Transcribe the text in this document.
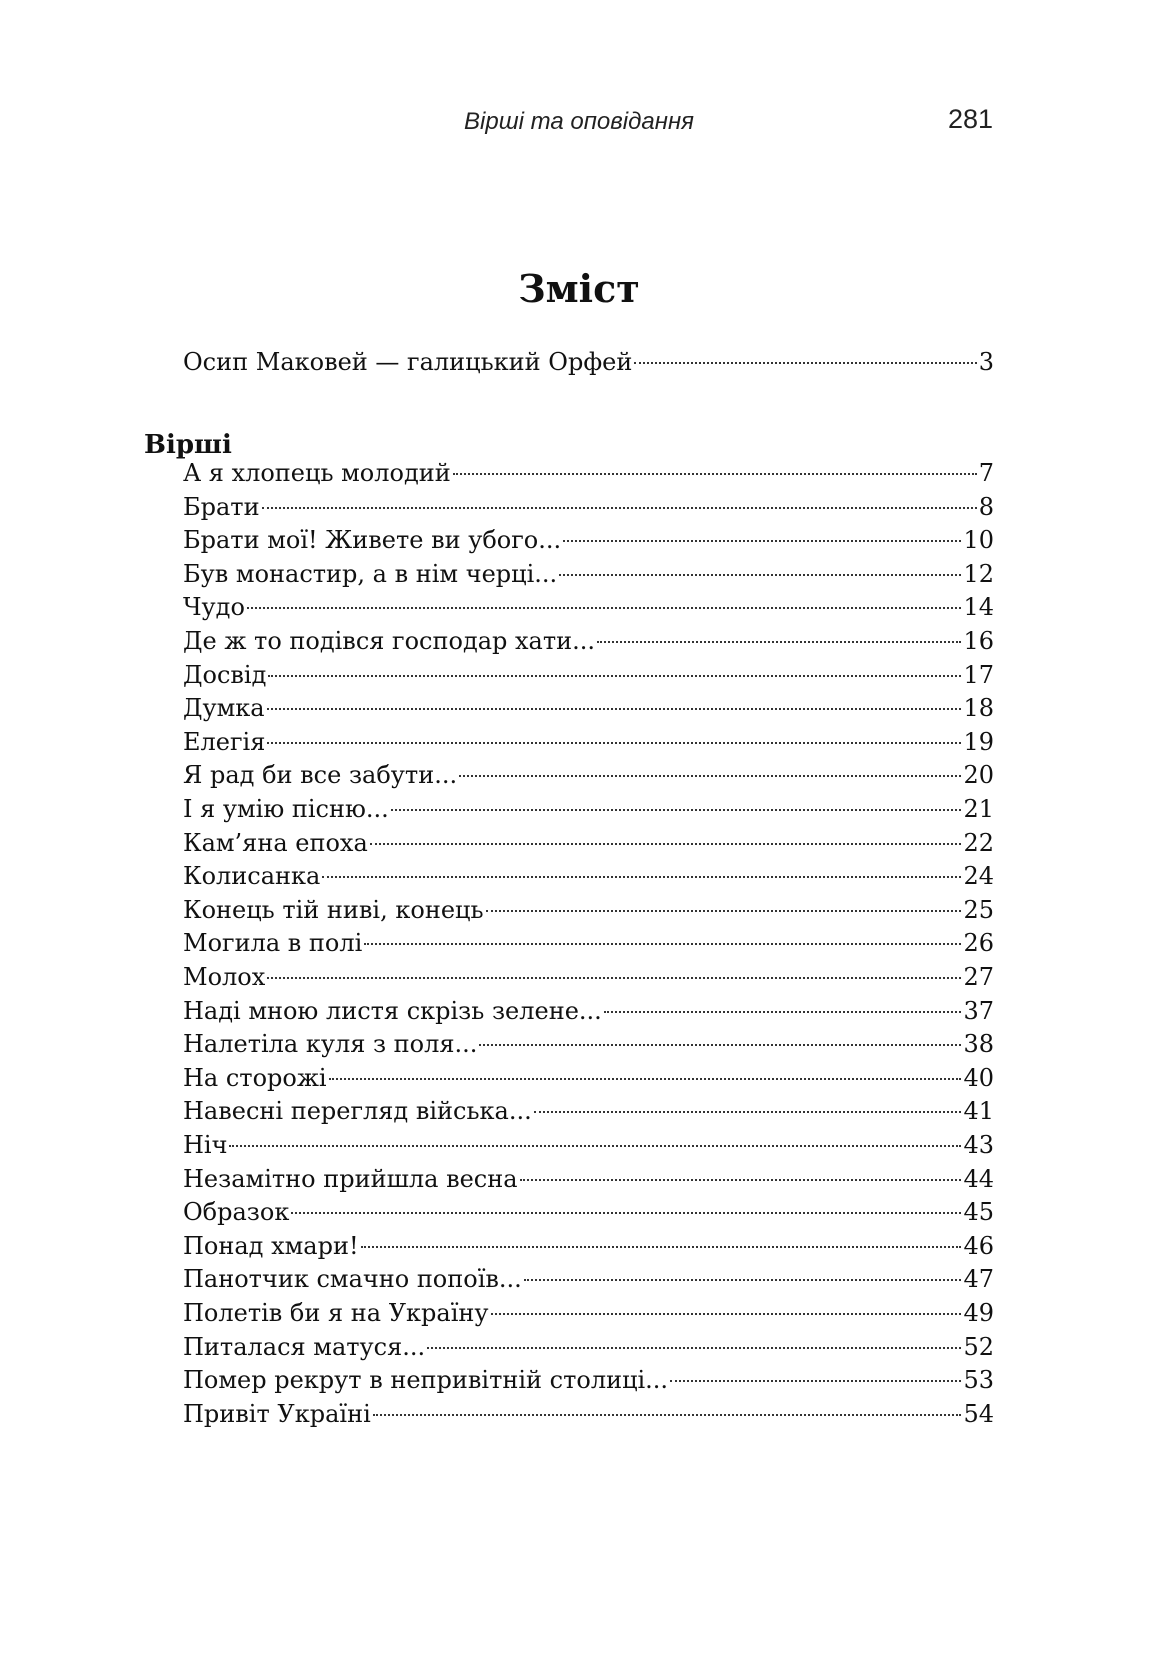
Вірші та оповідання	281
Зміст
Осип Маковей — галицький Орфей	3
Вірші
А я хлопець молодий	7
Брати	8
Брати мої! Живете ви убого...	10
Був монастир, а в нім черці...	12
Чудо	14
Де ж то подівся господар хати...	16
Досвід	17
Думка	18
Елегія	19
Я рад би все забути...	20
І я умію пісню...	21
Кам’яна епоха	22
Колисанка	24
Конець тій ниві, конець	25
Могила в полі	26
Молох	27
Наді мною листя скрізь зелене...	37
Налетіла куля з поля...	38
На сторожі	40
Навесні перегляд війська...	41
Ніч	43
Незамітно прийшла весна	44
Образок	45
Понад хмари!	46
Панотчик смачно попоїв...	47
Полетів би я на Україну	49
Питалася матуся...	52
Помер рекрут в непривітній столиці...	53
Привіт Україні	54
